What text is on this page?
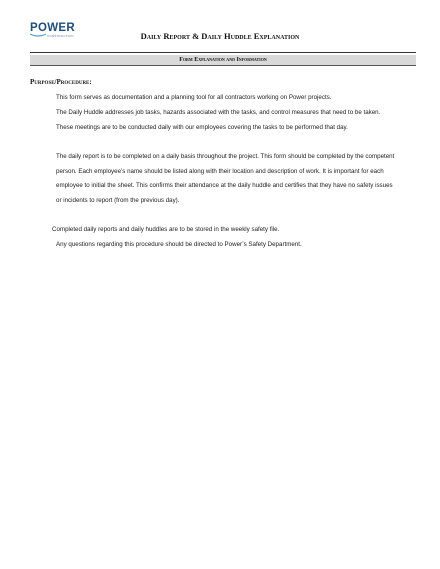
POWER
CONSTRUCTION	Daily Report & Daily Huddle Explanation
Form Explanation and Information
Purpose/Procedure:

This form serves as documentation and a planning tool for all contractors working on Power projects.

The Daily Huddle addresses job tasks, hazards associated with the tasks, and control measures that need to be taken. These meetings are to be conducted daily with our employees covering the tasks to be performed that day.

The daily report is to be completed on a daily basis throughout the project. This form should be completed by the competent person. Each employee’s name should be listed along with their location and description of work. It is important for each employee to initial the sheet. This confirms their attendance at the daily huddle and certifies that they have no safety issues or incidents to report (from the previous day).

Completed daily reports and daily huddles are to be stored in the weekly safety file.

Any questions regarding this procedure should be directed to Power’s Safety Department.
